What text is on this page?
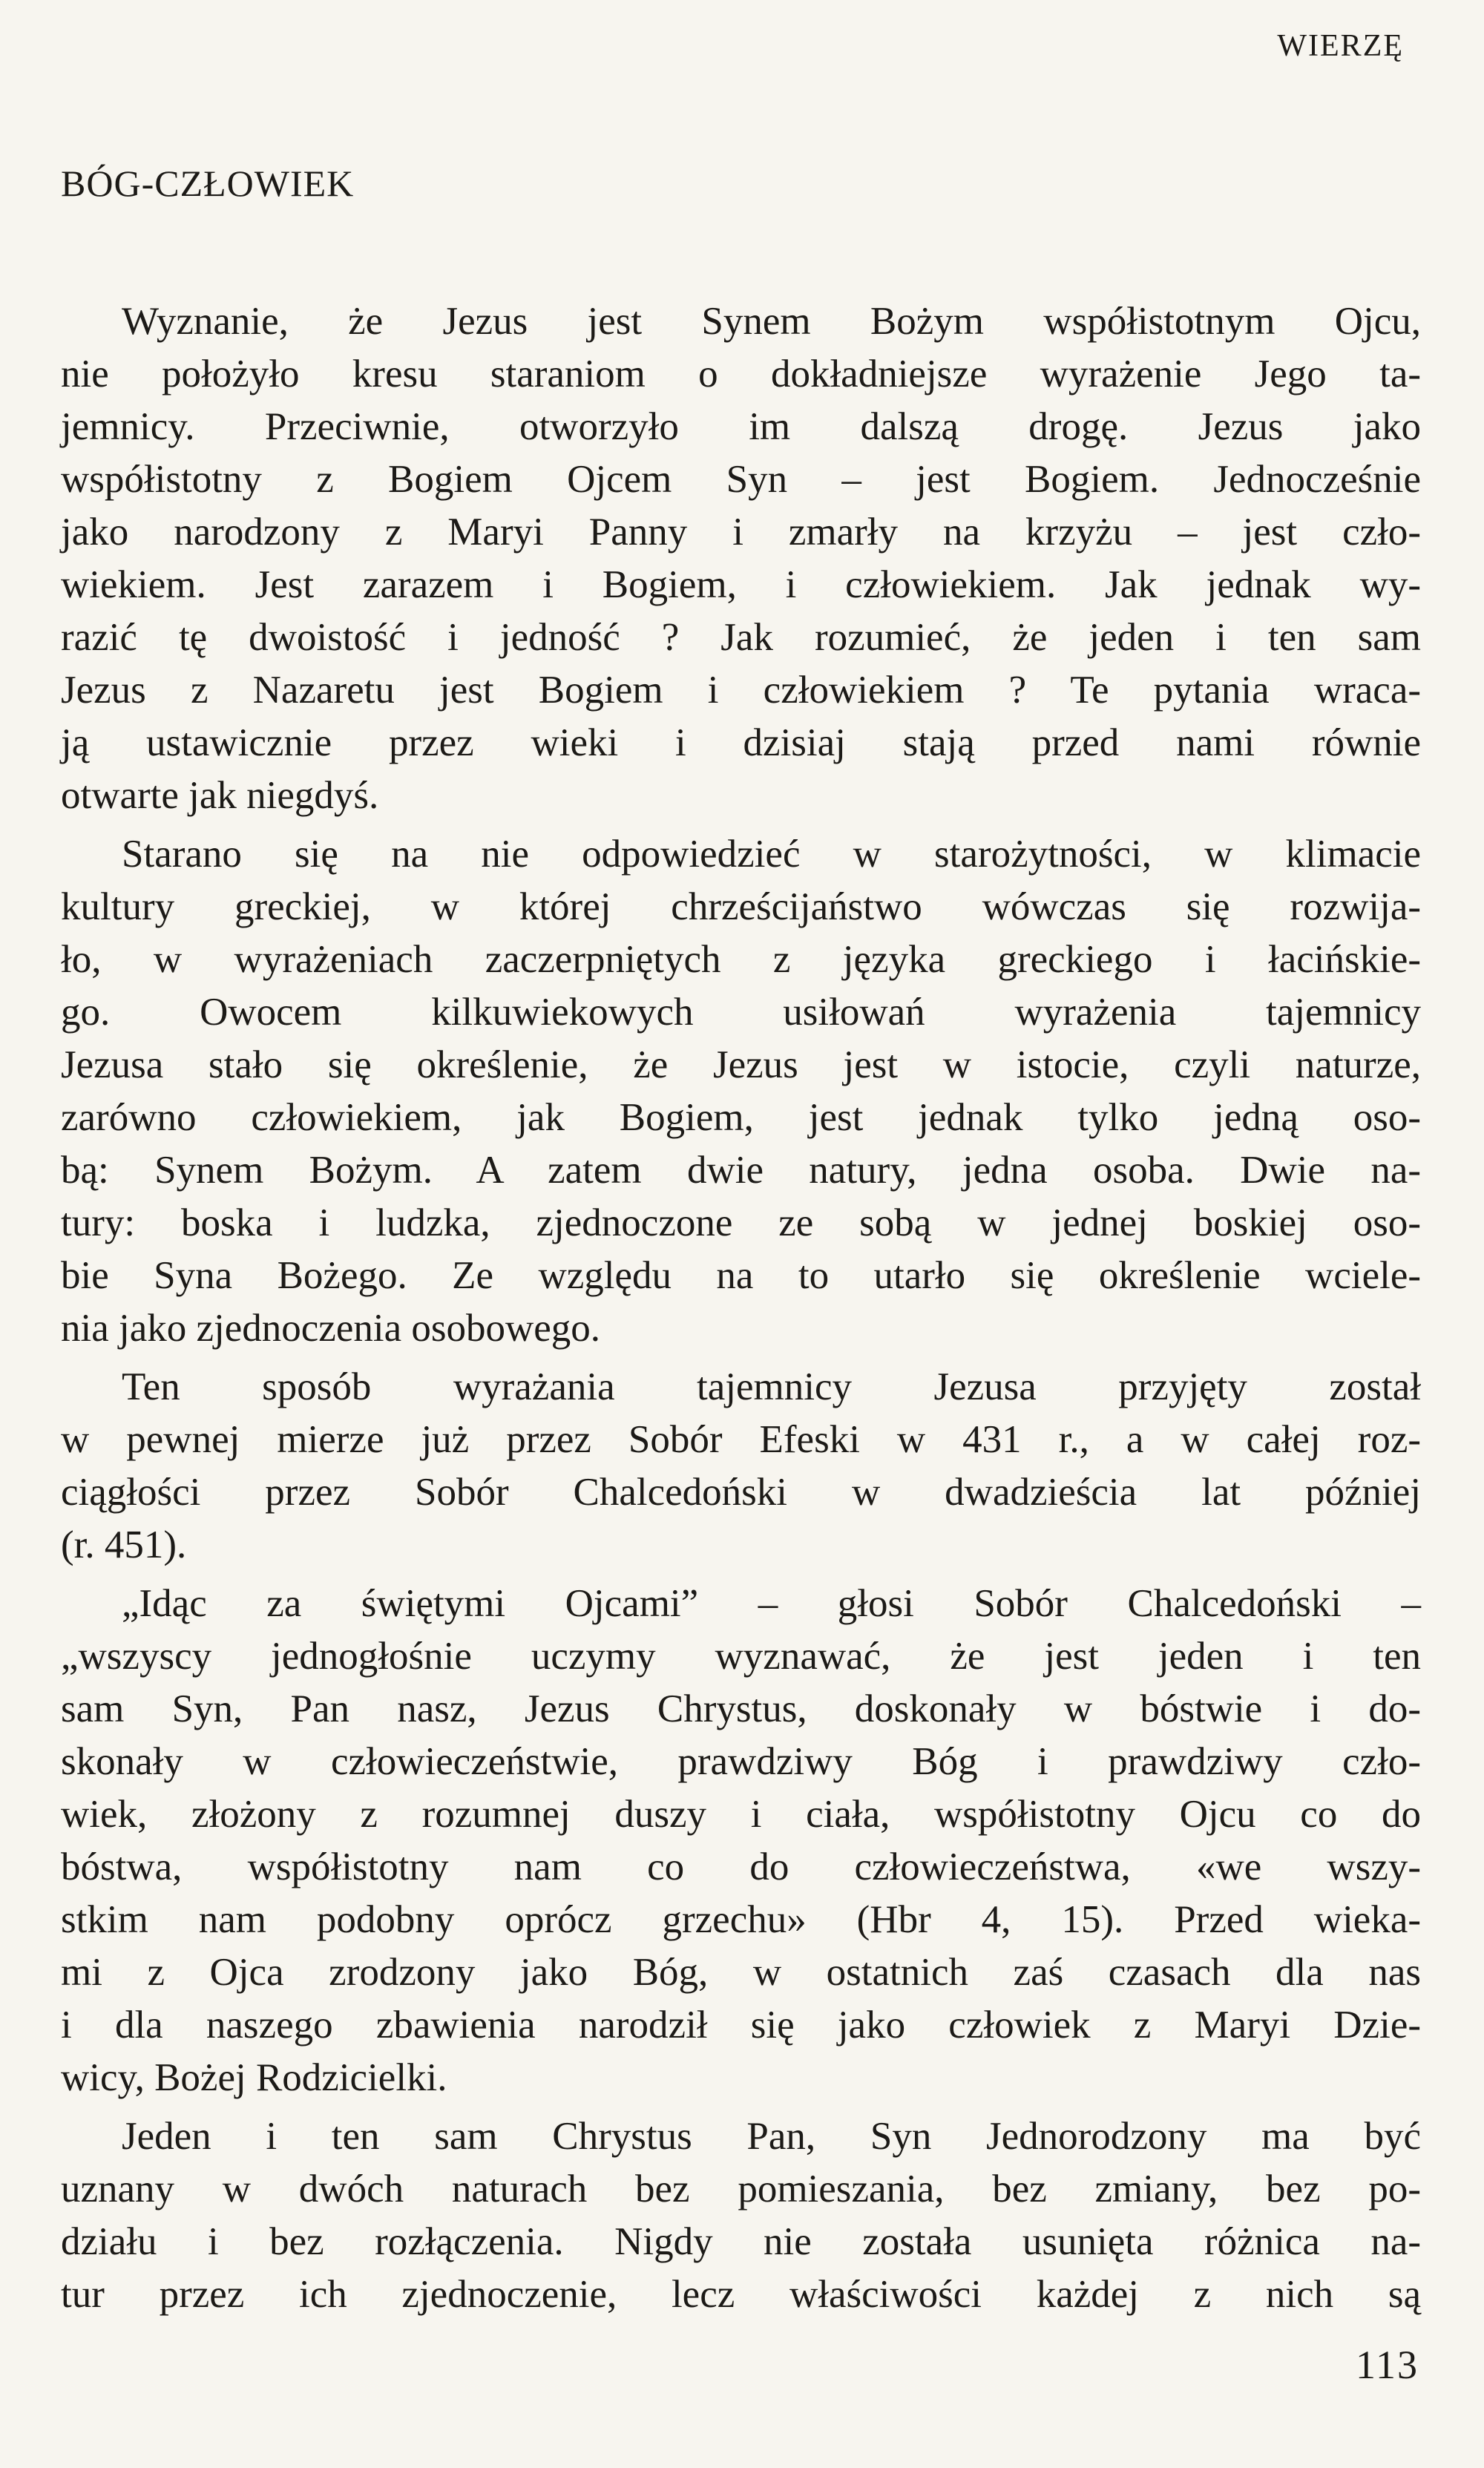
WIERZĘ
BÓG-CZŁOWIEK
Wyznanie, że Jezus jest Synem Bożym współistotnym Ojcu,
nie położyło kresu staraniom o dokładniejsze wyrażenie Jego ta-
jemnicy. Przeciwnie, otworzyło im dalszą drogę. Jezus jako
współistotny z Bogiem Ojcem Syn – jest Bogiem. Jednocześnie
jako narodzony z Maryi Panny i zmarły na krzyżu – jest czło-
wiekiem. Jest zarazem i Bogiem, i człowiekiem. Jak jednak wy-
razić tę dwoistość i jedność ? Jak rozumieć, że jeden i ten sam
Jezus z Nazaretu jest Bogiem i człowiekiem ? Te pytania wraca-
ją ustawicznie przez wieki i dzisiaj stają przed nami równie
otwarte jak niegdyś.
Starano się na nie odpowiedzieć w starożytności, w klimacie
kultury greckiej, w której chrześcijaństwo wówczas się rozwija-
ło, w wyrażeniach zaczerpniętych z języka greckiego i łacińskie-
go. Owocem kilkuwiekowych usiłowań wyrażenia tajemnicy
Jezusa stało się określenie, że Jezus jest w istocie, czyli naturze,
zarówno człowiekiem, jak Bogiem, jest jednak tylko jedną oso-
bą: Synem Bożym. A zatem dwie natury, jedna osoba. Dwie na-
tury: boska i ludzka, zjednoczone ze sobą w jednej boskiej oso-
bie Syna Bożego. Ze względu na to utarło się określenie wciele-
nia jako zjednoczenia osobowego.
Ten sposób wyrażania tajemnicy Jezusa przyjęty został
w pewnej mierze już przez Sobór Efeski w 431 r., a w całej roz-
ciągłości przez Sobór Chalcedoński w dwadzieścia lat później
(r. 451).
„Idąc za świętymi Ojcami” – głosi Sobór Chalcedoński –
„wszyscy jednogłośnie uczymy wyznawać, że jest jeden i ten
sam Syn, Pan nasz, Jezus Chrystus, doskonały w bóstwie i do-
skonały w człowieczeństwie, prawdziwy Bóg i prawdziwy czło-
wiek, złożony z rozumnej duszy i ciała, współistotny Ojcu co do
bóstwa, współistotny nam co do człowieczeństwa, «we wszy-
stkim nam podobny oprócz grzechu» (Hbr 4, 15). Przed wieka-
mi z Ojca zrodzony jako Bóg, w ostatnich zaś czasach dla nas
i dla naszego zbawienia narodził się jako człowiek z Maryi Dzie-
wicy, Bożej Rodzicielki.
Jeden i ten sam Chrystus Pan, Syn Jednorodzony ma być
uznany w dwóch naturach bez pomieszania, bez zmiany, bez po-
działu i bez rozłączenia. Nigdy nie została usunięta różnica na-
tur przez ich zjednoczenie, lecz właściwości każdej z nich są
113
